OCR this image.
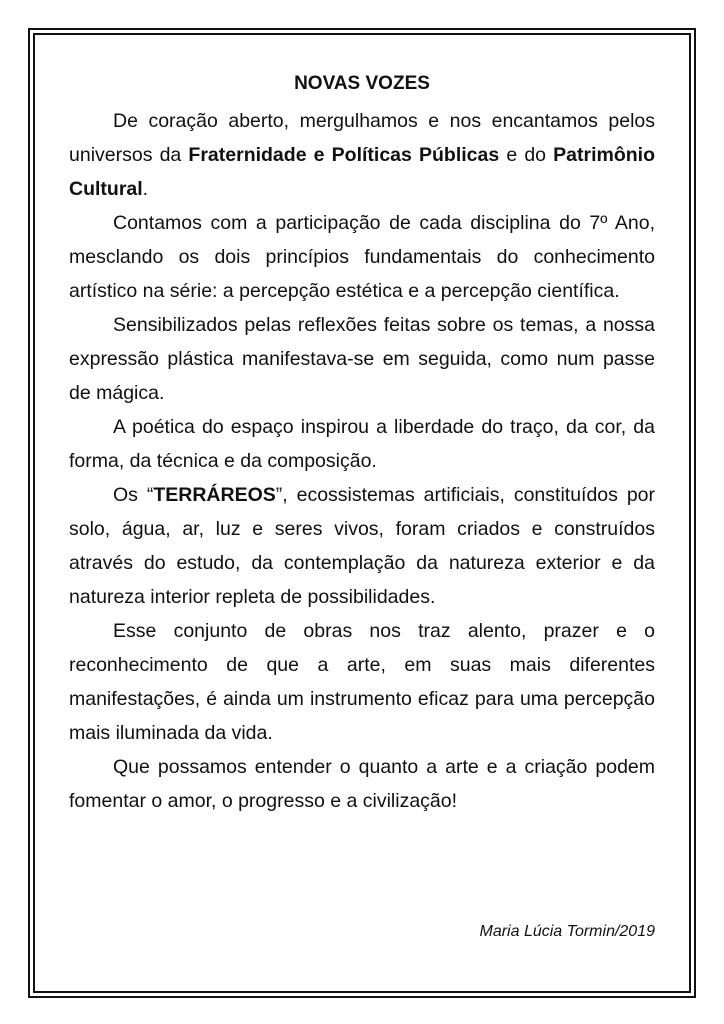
NOVAS VOZES

De coração aberto, mergulhamos e nos encantamos pelos universos da Fraternidade e Políticas Públicas e do Patrimônio Cultural.

Contamos com a participação de cada disciplina do 7º Ano, mesclando os dois princípios fundamentais do conhecimento artístico na série: a percepção estética e a percepção científica.

Sensibilizados pelas reflexões feitas sobre os temas, a nossa expressão plástica manifestava-se em seguida, como num passe de mágica.

A poética do espaço inspirou a liberdade do traço, da cor, da forma, da técnica e da composição.

Os “TERRÁREOS”, ecossistemas artificiais, constituídos por solo, água, ar, luz e seres vivos, foram criados e construídos através do estudo, da contemplação da natureza exterior e da natureza interior repleta de possibilidades.

Esse conjunto de obras nos traz alento, prazer e o reconhecimento de que a arte, em suas mais diferentes manifestações, é ainda um instrumento eficaz para uma percepção mais iluminada da vida.

Que possamos entender o quanto a arte e a criação podem fomentar o amor, o progresso e a civilização!

Maria Lúcia Tormin/2019
